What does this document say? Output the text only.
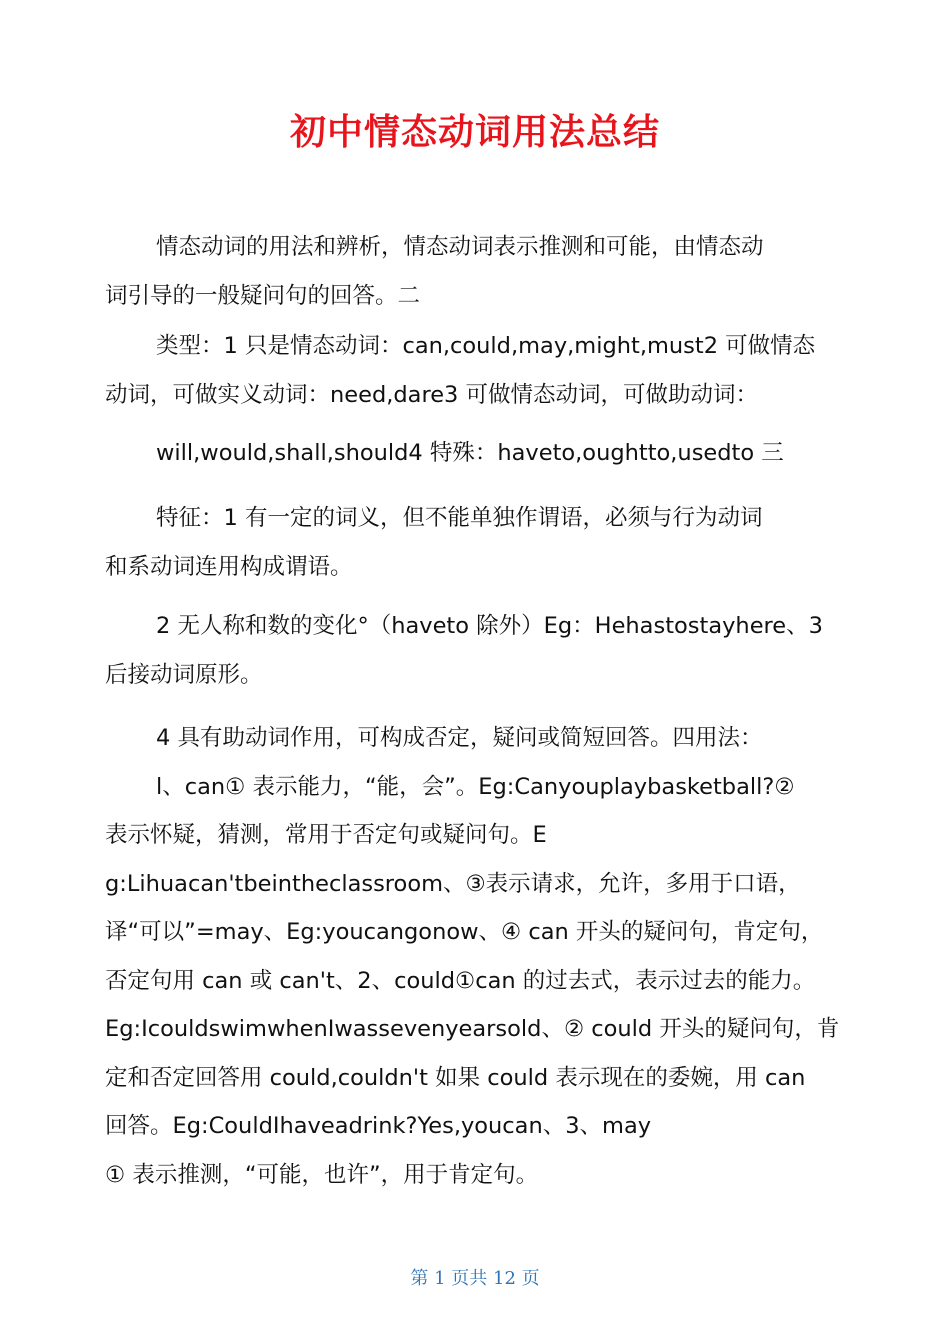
初中情态动词用法总结
情态动词的用法和辨析，情态动词表示推测和可能，由情态动
词引导的一般疑问句的回答。二
类型：1 只是情态动词：can,could,may,might,must2 可做情态
动词，可做实义动词：need,dare3 可做情态动词，可做助动词：
will,would,shall,should4 特殊：haveto,oughtto,usedto 三
特征：1 有一定的词义，但不能单独作谓语，必须与行为动词
和系动词连用构成谓语。
2 无人称和数的变化°（haveto 除外）Eg：Hehastostayhere、3
后接动词原形。
4 具有助动词作用，可构成否定，疑问或简短回答。四用法：
l、can① 表示能力，“能，会”。Eg:Canyouplaybasketball?②
表示怀疑，猜测，常用于否定句或疑问句。E
g:Lihuacan'tbeintheclassroom、③表示请求，允许，多用于口语，
译“可以”=may、Eg:youcangonow、④ can 开头的疑问句，肯定句，
否定句用 can 或 can't、2、could①can 的过去式，表示过去的能力。
Eg:IcouldswimwhenIwassevenyearsold、② could 开头的疑问句，肯
定和否定回答用 could,couldn't 如果 could 表示现在的委婉，用 can
回答。Eg:CouldIhaveadrink?Yes,youcan、3、may
① 表示推测，“可能，也许”，用于肯定句。
第 1 页共 12 页
